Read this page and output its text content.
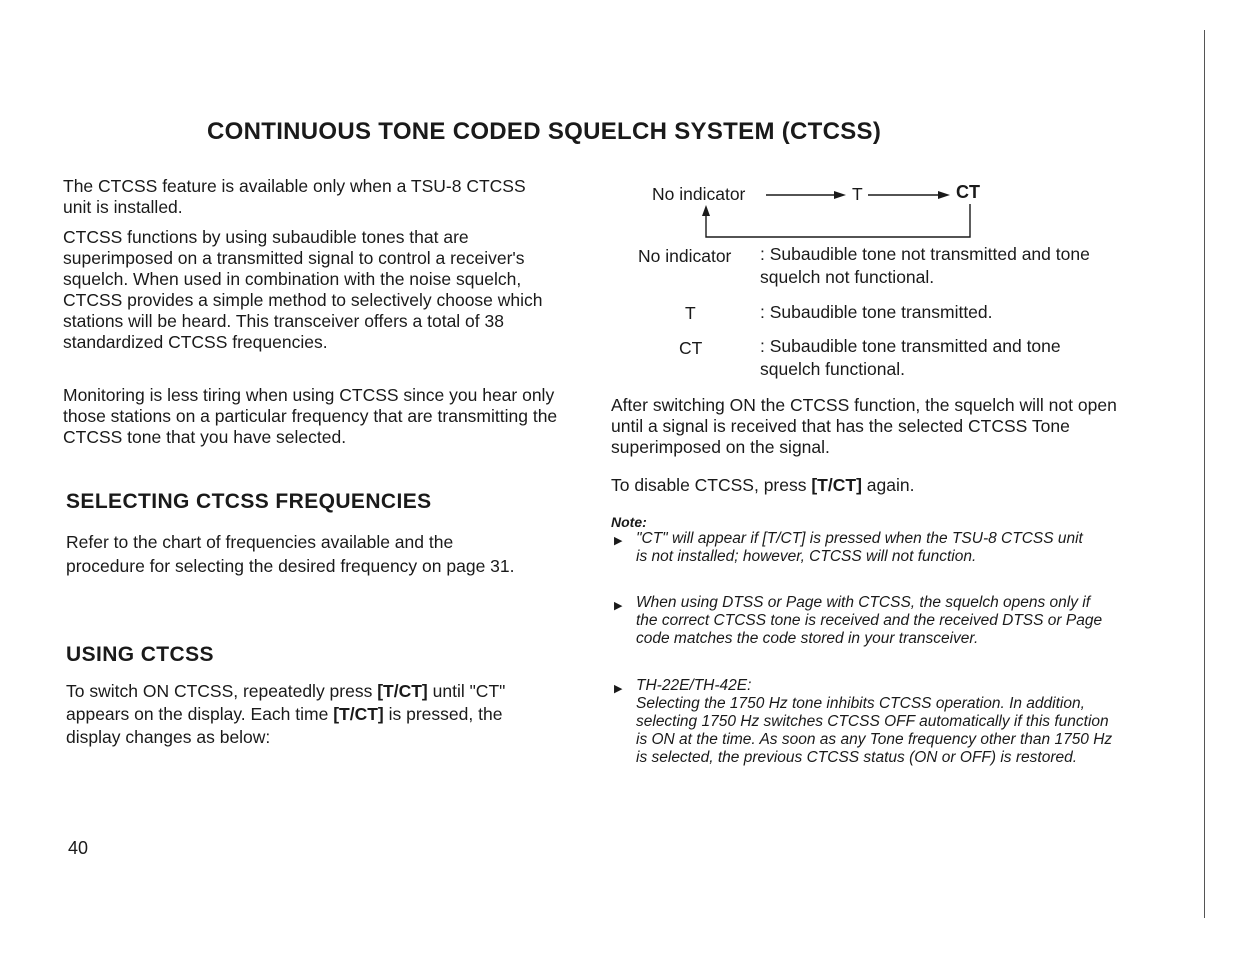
CONTINUOUS TONE CODED SQUELCH SYSTEM (CTCSS)

The CTCSS feature is available only when a TSU-8 CTCSS unit is installed.

CTCSS functions by using subaudible tones that are superimposed on a transmitted signal to control a receiver's squelch. When used in combination with the noise squelch, CTCSS provides a simple method to selectively choose which stations will be heard. This transceiver offers a total of 38 standardized CTCSS frequencies.

Monitoring is less tiring when using CTCSS since you hear only those stations on a particular frequency that are transmitting the CTCSS tone that you have selected.

SELECTING CTCSS FREQUENCIES

Refer to the chart of frequencies available and the procedure for selecting the desired frequency on page 31.

USING CTCSS

To switch ON CTCSS, repeatedly press [T/CT] until "CT" appears on the display. Each time [T/CT] is pressed, the display changes as below:

No indicator	T	CT
No indicator : Subaudible tone not transmitted and tone squelch not functional.
T	: Subaudible tone transmitted.
CT	: Subaudible tone transmitted and tone squelch functional.

After switching ON the CTCSS function, the squelch will not open until a signal is received that has the selected CTCSS Tone superimposed on the signal.

To disable CTCSS, press [T/CT] again.

Note:
▶ "CT" will appear if [T/CT] is pressed when the TSU-8 CTCSS unit is not installed; however, CTCSS will not function.
▶ When using DTSS or Page with CTCSS, the squelch opens only if the correct CTCSS tone is received and the received DTSS or Page code matches the code stored in your transceiver.
▶ TH-22E/TH-42E:
Selecting the 1750 Hz tone inhibits CTCSS operation. In addition, selecting 1750 Hz switches CTCSS OFF automatically if this function is ON at the time. As soon as any Tone frequency other than 1750 Hz is selected, the previous CTCSS status (ON or OFF) is restored.
40
